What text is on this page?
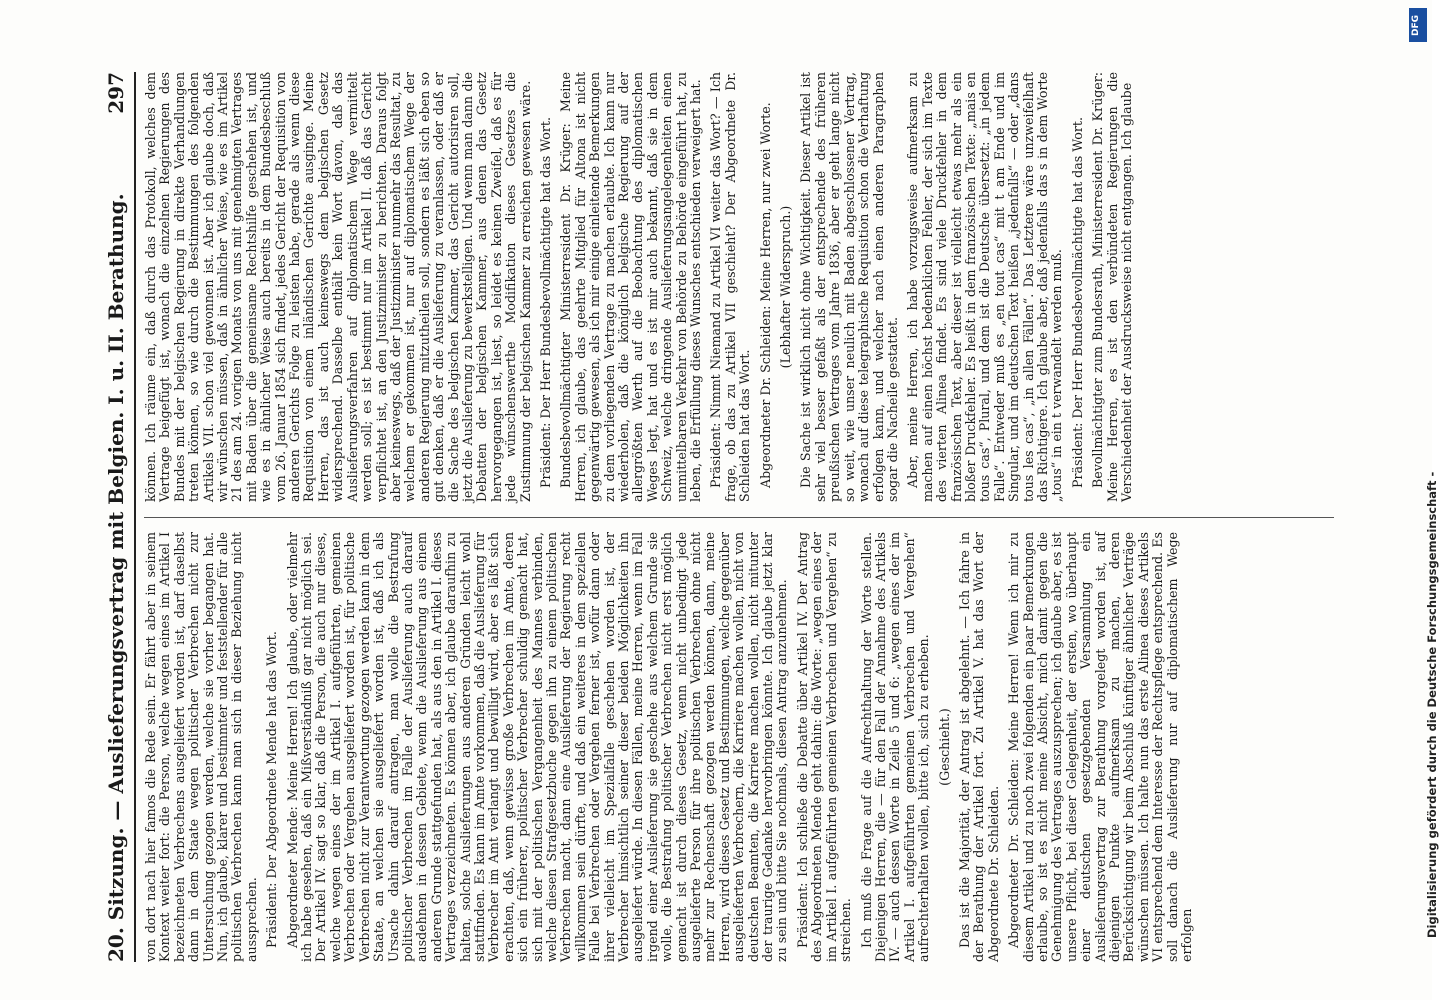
20. Sitzung. — Auslieferungsvertrag mit Belgien. I. u. II. Berathung.
297

von dort nach hier famos die Rede sein. Er fährt aber in seinem Kontext weiter fort: die Person, welche wegen eines im Artikel I bezeichneten Verbrechens ausgeliefert worden ist, darf daselbst dann in dem Staate wegen politischer Verbrechen nicht zur Untersuchung gezogen werden, welche sie vorher begangen hat. Nun, ich glaube, klarer und bestimmter und feststellender für alle politischen Verbrechen kann man sich in dieser Beziehung nicht aussprechen. Präsident: Der Abgeordnete Mende hat das Wort. Abgeordneter Mende: Meine Herren! Ich glaube, oder vielmehr ich habe gesehen, daß ein Mißverständniß gar nicht möglich sei. Der Artikel IV. sagt so klar, daß die Person, die auch nur dieses, welche wegen eines der im Artikel I. aufgeführten, gemeinen Verbrechen oder Vergehen ausgeliefert worden ist, für politische Verbrechen nicht zur Verantwortung gezogen werden kann in dem Staate, an welchen sie ausgeliefert worden ist, daß ich als Ursache dahin darauf antragen, man wolle die Bestrafung politischer Verbrechen im Falle der Auslieferung auch darauf ausdehnen in dessen Gebiete, wenn die Auslieferung aus einem anderen Grunde stattgefunden hat, als aus den in Artikel I. dieses Vertrages verzeichneten. Es können aber, ich glaube daraufhin zu halten, solche Auslieferungen aus anderen Gründen leicht wohl stattfinden. Es kann im Amte vorkommen, daß die Auslieferung für Verbrecher im Amt verlangt und bewilligt wird, aber es läßt sich erachten, daß, wenn gewisse große Verbrechen im Amte, deren sich ein früherer, politischer Verbrecher schuldig gemacht hat, sich mit der politischen Vergangenheit des Mannes verbinden, welche diesen Strafgesetzbuche gegen ihn zu einem politischen Verbrechen macht, dann eine Auslieferung der Regierung recht willkommen sein dürfte, und daß ein weiteres in dem speziellen Falle bei Verbrechen oder Vergehen ferner ist, wofür dann oder ihrer vielleicht im Spezialfalle geschehen worden ist, der Verbrecher hinsichtlich seiner dieser beiden Möglichkeiten ihn ausgeliefert würde. In diesen Fällen, meine Herren, wenn im Fall irgend einer Auslieferung sie geschehe aus welchem Grunde sie wolle, die Bestrafung politischer Verbrechen nicht erst möglich gemacht ist durch dieses Gesetz, wenn nicht unbedingt jede ausgelieferte Person für ihre politischen Verbrechen ohne nicht mehr zur Rechenschaft gezogen werden können, dann, meine Herren, wird dieses Gesetz und Bestimmungen, welche gegenüber ausgelieferten Verbrechern, die Karriere machen wollen, nicht von deutschen Beamten, die Karriere machen wollen, nicht mitunter der traurige Gedanke hervorbringen könnte. Ich glaube jetzt klar zu sein und bitte Sie nochmals, diesen Antrag anzunehmen. Präsident: Ich schließe die Debatte über Artikel IV. Der Antrag des Abgeordneten Mende geht dahin: die Worte: „wegen eines der im Artikel I. aufgeführten gemeinen Verbrechen und Vergehen“ zu streichen. Ich muß die Frage auf die Aufrechthaltung der Worte stellen. Diejenigen Herren, die — für den Fall der Annahme des Artikels IV. — auch dessen Worte in Zeile 5 und 6: „wegen eines der im Artikel I. aufgeführten gemeinen Verbrechen und Vergehen“ aufrechterhalten wollen, bitte ich, sich zu erheben. (Geschieht.) Das ist die Majorität, der Antrag ist abgelehnt. — Ich fahre in der Berathung der Artikel fort. Zu Artikel V. hat das Wort der Abgeordnete Dr. Schleiden. Abgeordneter Dr. Schleiden: Meine Herren! Wenn ich mir zu diesem Artikel und zu noch zwei folgenden ein paar Bemerkungen erlaube, so ist es nicht meine Absicht, mich damit gegen die Genehmigung des Vertrages auszusprechen; ich glaube aber, es ist unsere Pflicht, bei dieser Gelegenheit, der ersten, wo überhaupt einer deutschen gesetzgebenden Versammlung ein Auslieferungsvertrag zur Berathung vorgelegt worden ist, auf diejenigen Punkte aufmerksam zu machen, deren Berücksichtigung wir beim Abschluß künftiger ähnlicher Verträge wünschen müssen. Ich halte nun das erste Alinea dieses Artikels VI entsprechend dem Interesse der Rechtspflege entsprechend. Es soll danach die Auslieferung nur auf diplomatischem Wege erfolgen

können. Ich räume ein, daß durch das Protokoll, welches dem Vertrage beigefügt ist, wonach die einzelnen Regierungen des Bundes mit der belgischen Regierung in direkte Verhandlungen treten können, so wie durch die Bestimmungen des folgenden Artikels VII. schon viel gewonnen ist. Aber ich glaube doch, daß wir wünschen müssen, daß in ähnlicher Weise, wie es im Artikel 21 des am 24. vorigen Monats von uns mit genehmigten Vertrages mit Baden über die gemeinsame Rechtshilfe geschehen ist, und wie es in ähnlicher Weise auch bereits in dem Bundesbeschluß vom 26. Januar 1854 sich findet, jedes Gericht der Requisition von anderen Gerichts Folge zu leisten habe, gerade als wenn diese Requisition von einem inländischen Gerichte ausginge. Meine Herren, das ist auch keineswegs dem belgischen Gesetz widersprechend. Dasselbe enthält kein Wort davon, daß das Auslieferungsverfahren auf diplomatischem Wege vermittelt werden soll; es ist bestimmt nur im Artikel II. daß das Gericht verpflichtet ist, an den Justizminister zu berichten. Daraus folgt aber keineswegs, daß der Justizminister nunmehr das Resultat, zu welchem er gekommen ist, nur auf diplomatischem Wege der anderen Regierung mitzutheilen soll, sondern es läßt sich eben so gut denken, daß er die Auslieferung zu veranlassen, oder daß er die Sache des belgischen Kammer, das Gericht autorisiren soll, jetzt die Auslieferung zu bewerkstelligen. Und wenn man dann die Debatten der belgischen Kammer, aus denen das Gesetz hervorgegangen ist, liest, so leidet es keinen Zweifel, daß es für jede wünschenswerthe Modifikation dieses Gesetzes die Zustimmung der belgischen Kammer zu erreichen gewesen wäre. Präsident: Der Herr Bundesbevollmächtigte hat das Wort. Bundesbevollmächtigter Ministerresident Dr. Krüger: Meine Herren, ich glaube, das geehrte Mitglied für Altona ist nicht gegenwärtig gewesen, als ich mir einige einleitende Bemerkungen zu dem vorliegenden Vertrage zu machen erlaubte. Ich kann nur wiederholen, daß die königlich belgische Regierung auf der allergrößten Werth auf die Beobachtung des diplomatischen Weges legt, hat und es ist mir auch bekannt, daß sie in dem Schweiz, welche dringende Auslieferungsangelegenheiten einen unmittelbaren Verkehr von Behörde zu Behörde eingeführt hat, zu leben, die Erfüllung dieses Wunsches entschieden verweigert hat. Präsident: Nimmt Niemand zu Artikel VI weiter das Wort? — Ich frage, ob das zu Artikel VII geschieht? Der Abgeordnete Dr. Schleiden hat das Wort. Abgeordneter Dr. Schleiden: Meine Herren, nur zwei Worte. (Lebhafter Widerspruch.) Die Sache ist wirklich nicht ohne Wichtigkeit. Dieser Artikel ist sehr viel besser gefaßt als der entsprechende des früheren preußischen Vertrages vom Jahre 1836, aber er geht lange nicht so weit, wie unser neulich mit Baden abgeschlossener Vertrag, wonach auf diese telegraphische Requisition schon die Verhaftung erfolgen kann, und welcher nach einen anderen Paragraphen sogar die Nacheile gestattet. Aber, meine Herren, ich habe vorzugsweise aufmerksam zu machen auf einen höchst bedenklichen Fehler, der sich im Texte des vierten Alinea findet. Es sind viele Druckfehler in dem französischen Text, aber dieser ist vielleicht etwas mehr als ein bloßer Druckfehler. Es heißt in dem französischen Texte: „mais en tous cas“, Plural, und dem ist die Deutsche übersetzt: „in jedem Falle“. Entweder muß es „en tout cas“ mit t am Ende und im Singular, und im deutschen Text heißen „jedenfalls“ — oder „dans tous les cas“, „in allen Fällen“. Das Letztere wäre unzweifelhaft das Richtigere. Ich glaube aber, daß jedenfalls das s in dem Worte „tous“ in ein t verwandelt werden muß. Präsident: Der Herr Bundesbevollmächtigte hat das Wort. Bevollmächtigter zum Bundesrath, Ministerresident Dr. Krüger: Meine Herren, es ist den verbündeten Regierungen die Verschiedenheit der Ausdrucksweise nicht entgangen. Ich glaube

Digitalisierung gefördert durch die Deutsche Forschungsgemeinschaft -
DFG
